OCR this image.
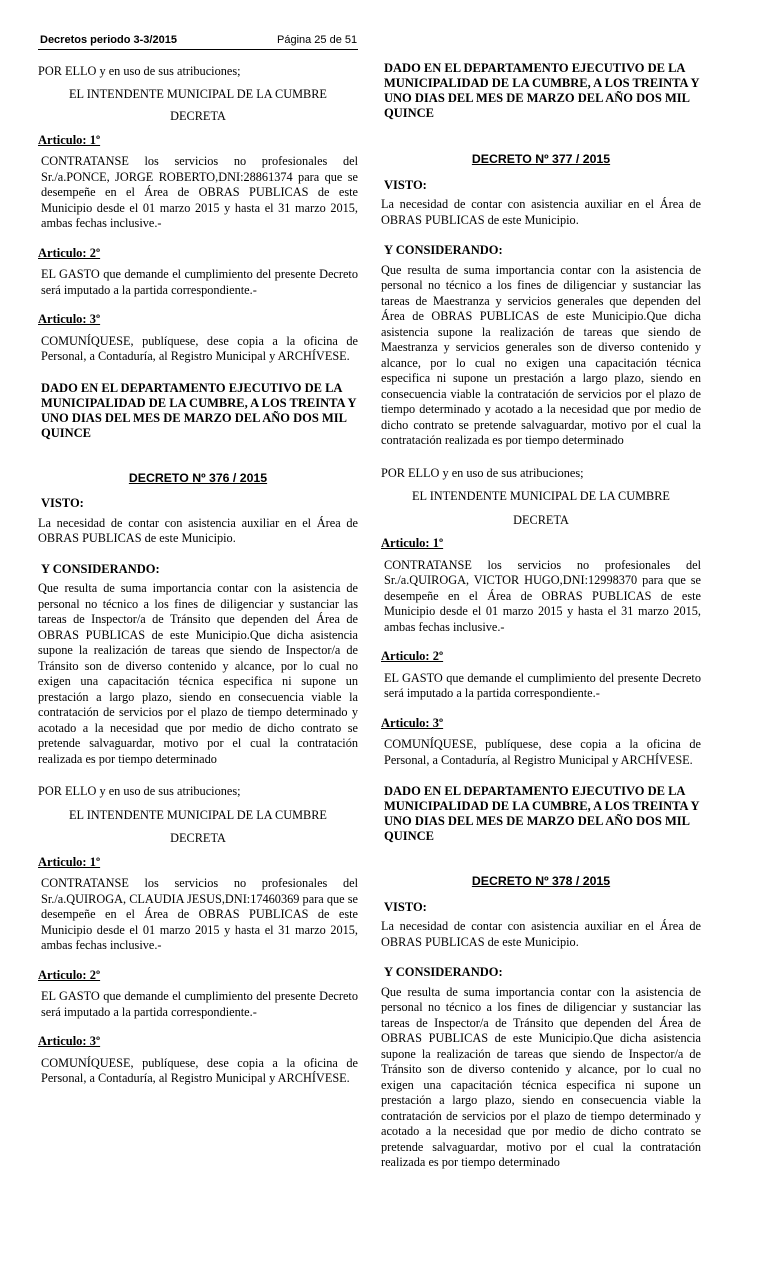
Decretos periodo 3-3/2015	Página 25 de 51

POR ELLO y en uso de sus atribuciones;

EL INTENDENTE MUNICIPAL DE LA CUMBRE

DECRETA

Articulo: 1º

CONTRATANSE los servicios no profesionales del Sr./a.PONCE, JORGE ROBERTO,DNI:28861374 para que se desempeñe en el Área de OBRAS PUBLICAS de este Municipio desde el 01 marzo 2015 y hasta el 31 marzo 2015, ambas fechas inclusive.-

Articulo: 2º

EL GASTO que demande el cumplimiento del presente Decreto será imputado a la partida correspondiente.-

Articulo: 3º

COMUNÍQUESE, publíquese, dese copia a la oficina de Personal, a Contaduría, al Registro Municipal y ARCHÍVESE.

DADO EN EL DEPARTAMENTO EJECUTIVO DE LA MUNICIPALIDAD DE LA CUMBRE, A LOS TREINTA Y UNO DIAS DEL MES DE MARZO DEL AÑO DOS MIL QUINCE

DECRETO Nº 376 / 2015

VISTO:

La necesidad de contar con asistencia auxiliar en el Área de OBRAS PUBLICAS de este Municipio.

Y CONSIDERANDO:

Que resulta de suma importancia contar con la asistencia de personal no técnico a los fines de diligenciar y sustanciar las tareas de Inspector/a de Tránsito que dependen del Área de OBRAS PUBLICAS de este Municipio.Que dicha asistencia supone la realización de tareas que siendo de Inspector/a de Tránsito son de diverso contenido y alcance, por lo cual no exigen una capacitación técnica especifica ni supone un prestación a largo plazo, siendo en consecuencia viable la contratación de servicios por el plazo de tiempo determinado y acotado a la necesidad que por medio de dicho contrato se pretende salvaguardar, motivo por el cual la contratación realizada es por tiempo determinado

POR ELLO y en uso de sus atribuciones;

EL INTENDENTE MUNICIPAL DE LA CUMBRE

DECRETA

Articulo: 1º

CONTRATANSE los servicios no profesionales del Sr./a.QUIROGA, CLAUDIA JESUS,DNI:17460369 para que se desempeñe en el Área de OBRAS PUBLICAS de este Municipio desde el 01 marzo 2015 y hasta el 31 marzo 2015, ambas fechas inclusive.-

Articulo: 2º

EL GASTO que demande el cumplimiento del presente Decreto será imputado a la partida correspondiente.-

Articulo: 3º

COMUNÍQUESE, publíquese, dese copia a la oficina de Personal, a Contaduría, al Registro Municipal y ARCHÍVESE.

DADO EN EL DEPARTAMENTO EJECUTIVO DE LA MUNICIPALIDAD DE LA CUMBRE, A LOS TREINTA Y UNO DIAS DEL MES DE MARZO DEL AÑO DOS MIL QUINCE

DECRETO Nº 377 / 2015

VISTO:

La necesidad de contar con asistencia auxiliar en el Área de OBRAS PUBLICAS de este Municipio.

Y CONSIDERANDO:

Que resulta de suma importancia contar con la asistencia de personal no técnico a los fines de diligenciar y sustanciar las tareas de Maestranza y servicios generales que dependen del Área de OBRAS PUBLICAS de este Municipio.Que dicha asistencia supone la realización de tareas que siendo de Maestranza y servicios generales son de diverso contenido y alcance, por lo cual no exigen una capacitación técnica especifica ni supone un prestación a largo plazo, siendo en consecuencia viable la contratación de servicios por el plazo de tiempo determinado y acotado a la necesidad que por medio de dicho contrato se pretende salvaguardar, motivo por el cual la contratación realizada es por tiempo determinado

POR ELLO y en uso de sus atribuciones;

EL INTENDENTE MUNICIPAL DE LA CUMBRE

DECRETA

Articulo: 1º

CONTRATANSE los servicios no profesionales del Sr./a.QUIROGA, VICTOR HUGO,DNI:12998370 para que se desempeñe en el Área de OBRAS PUBLICAS de este Municipio desde el 01 marzo 2015 y hasta el 31 marzo 2015, ambas fechas inclusive.-

Articulo: 2º

EL GASTO que demande el cumplimiento del presente Decreto será imputado a la partida correspondiente.-

Articulo: 3º

COMUNÍQUESE, publíquese, dese copia a la oficina de Personal, a Contaduría, al Registro Municipal y ARCHÍVESE.

DADO EN EL DEPARTAMENTO EJECUTIVO DE LA MUNICIPALIDAD DE LA CUMBRE, A LOS TREINTA Y UNO DIAS DEL MES DE MARZO DEL AÑO DOS MIL QUINCE

DECRETO Nº 378 / 2015

VISTO:

La necesidad de contar con asistencia auxiliar en el Área de OBRAS PUBLICAS de este Municipio.

Y CONSIDERANDO:

Que resulta de suma importancia contar con la asistencia de personal no técnico a los fines de diligenciar y sustanciar las tareas de Inspector/a de Tránsito que dependen del Área de OBRAS PUBLICAS de este Municipio.Que dicha asistencia supone la realización de tareas que siendo de Inspector/a de Tránsito son de diverso contenido y alcance, por lo cual no exigen una capacitación técnica especifica ni supone un prestación a largo plazo, siendo en consecuencia viable la contratación de servicios por el plazo de tiempo determinado y acotado a la necesidad que por medio de dicho contrato se pretende salvaguardar, motivo por el cual la contratación realizada es por tiempo determinado
